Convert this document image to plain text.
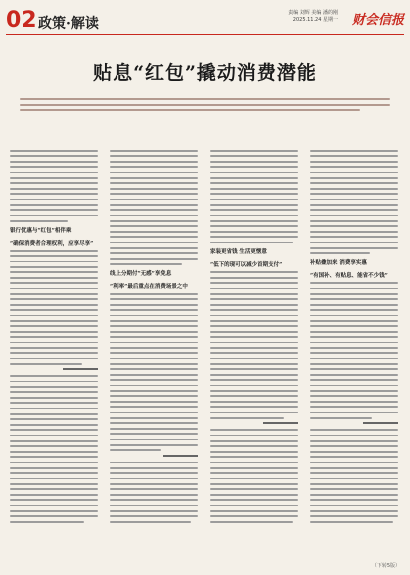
02 政策·解读
责编 刘辉 美编 潘的刚
2025.11.24 星期一 财会信报
贴息“红包”撬动消费潜能
银行优惠与“红包”相伴乘
“确保消费者合理权利，应享尽享”
线上分期付“无感”享免息
“利率”最后重点在消费场景之中
家装更省钱 生活更惬意
“低下的现可以减少首期支付”	补贴叠加来 消费享实惠
“有国补、有贴息、能省不少钱”
（下转5版）
